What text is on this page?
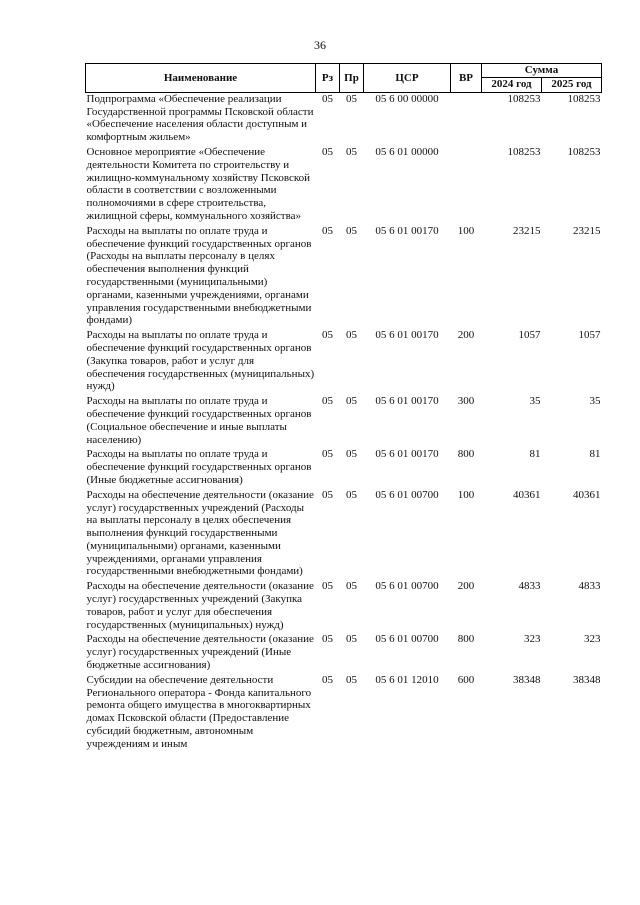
36
Наименование	Рз	Пр	ЦСР	ВР	Сумма	
					2024 год	2025 год
Подпрограмма «Обеспечение реализации Государственной программы Псковской области «Обеспечение населения области доступным и комфортным жильем»	05	05	05 6 00 00000		108253	108253
Основное мероприятие «Обеспечение деятельности Комитета по строительству и жилищно-коммунальному хозяйству Псковской области в соответствии с возложенными полномочиями в сфере строительства, жилищной сферы, коммунального хозяйства»	05	05	05 6 01 00000		108253	108253
Расходы на выплаты по оплате труда и обеспечение функций государственных органов (Расходы на выплаты персоналу в целях обеспечения выполнения функций государственными (муниципальными) органами, казенными учреждениями, органами управления государственными внебюджетными фондами)	05	05	05 6 01 00170	100	23215	23215
Расходы на выплаты по оплате труда и обеспечение функций государственных органов (Закупка товаров, работ и услуг для обеспечения государственных (муниципальных) нужд)	05	05	05 6 01 00170	200	1057	1057
Расходы на выплаты по оплате труда и обеспечение функций государственных органов (Социальное обеспечение и иные выплаты населению)	05	05	05 6 01 00170	300	35	35
Расходы на выплаты по оплате труда и обеспечение функций государственных органов (Иные бюджетные ассигнования)	05	05	05 6 01 00170	800	81	81
Расходы на обеспечение деятельности (оказание услуг) государственных учреждений (Расходы на выплаты персоналу в целях обеспечения выполнения функций государственными (муниципальными) органами, казенными учреждениями, органами управления государственными внебюджетными фондами)	05	05	05 6 01 00700	100	40361	40361
Расходы на обеспечение деятельности (оказание услуг) государственных учреждений (Закупка товаров, работ и услуг для обеспечения государственных (муниципальных) нужд)	05	05	05 6 01 00700	200	4833	4833
Расходы на обеспечение деятельности (оказание услуг) государственных учреждений (Иные бюджетные ассигнования)	05	05	05 6 01 00700	800	323	323
Субсидии на обеспечение деятельности Регионального оператора - Фонда капитального ремонта общего имущества в многоквартирных домах Псковской области (Предоставление субсидий бюджетным, автономным учреждениям и иным	05	05	05 6 01 12010	600	38348	38348
